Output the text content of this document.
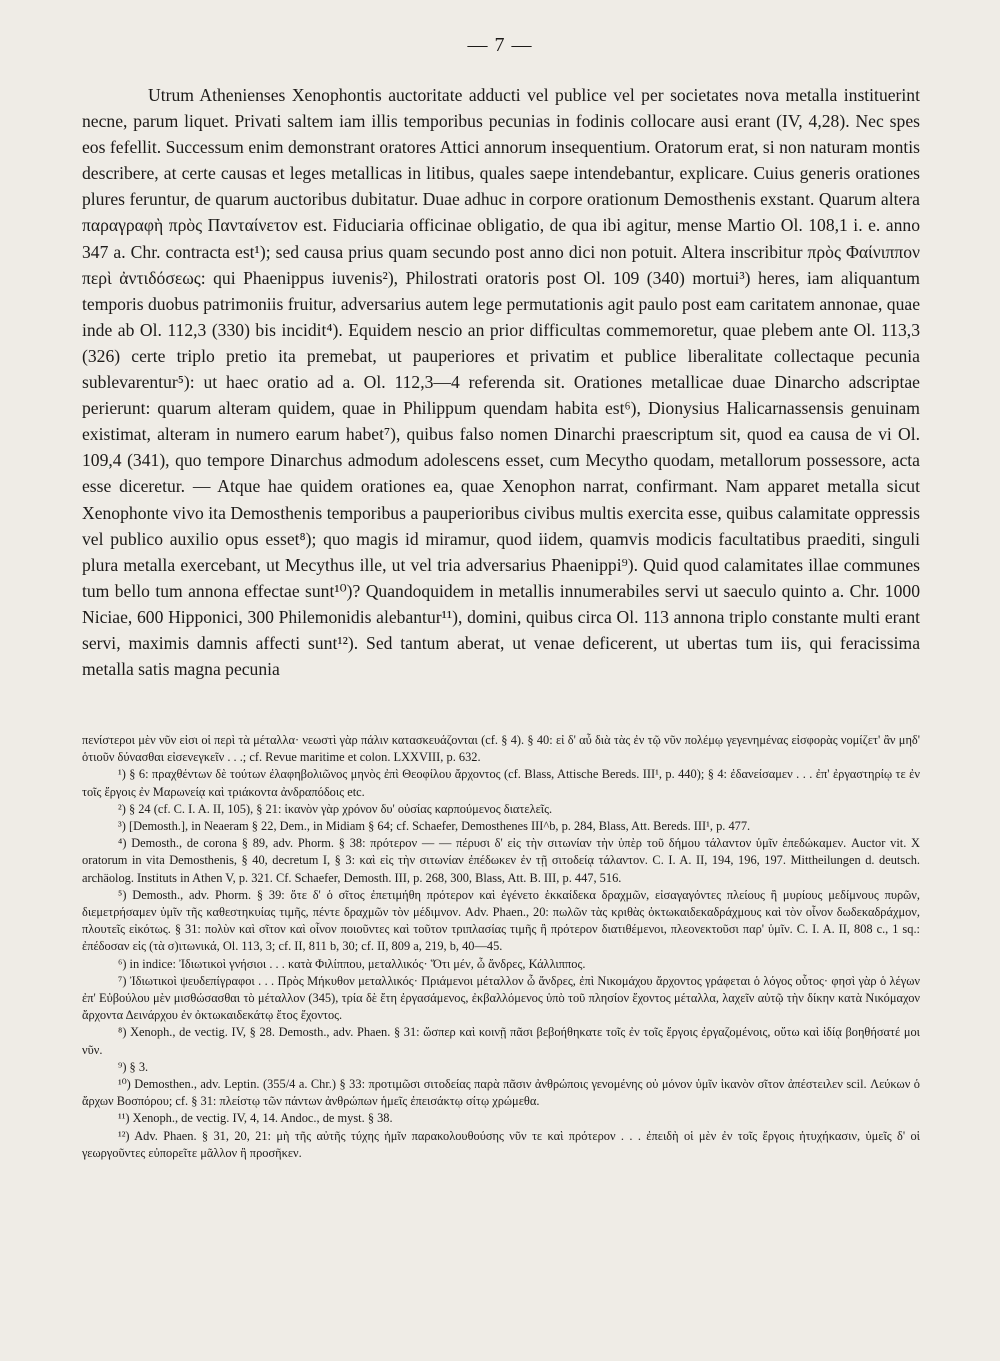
— 7 —

Utrum Athenienses Xenophontis auctoritate adducti vel publice vel per societates nova metalla instituerint necne, parum liquet. Privati saltem iam illis temporibus pecunias in fodinis collocare ausi erant (IV, 4,28). Nec spes eos fefellit. Successum enim demonstrant oratores Attici annorum insequentium. Oratorum erat, si non naturam montis describere, at certe causas et leges metallicas in litibus, quales saepe intendebantur, explicare. Cuius generis orationes plures feruntur, de quarum auctoribus dubitatur. Duae adhuc in corpore orationum Demosthenis exstant. Quarum altera παραγραφὴ πρὸς Πανταίνετον est. Fiduciaria officinae obligatio, de qua ibi agitur, mense Martio Ol. 108,1 i. e. anno 347 a. Chr. contracta est¹); sed causa prius quam secundo post anno dici non potuit. Altera inscribitur πρὸς Φαίνιππον περὶ ἀντιδόσεως: qui Phaenippus iuvenis²), Philostrati oratoris post Ol. 109 (340) mortui³) heres, iam aliquantum temporis duobus patrimoniis fruitur, adversarius autem lege permutationis agit paulo post eam caritatem annonae, quae inde ab Ol. 112,3 (330) bis incidit⁴). Equidem nescio an prior difficultas commemoretur, quae plebem ante Ol. 113,3 (326) certe triplo pretio ita premebat, ut pauperiores et privatim et publice liberalitate collectaque pecunia sublevarentur⁵): ut haec oratio ad a. Ol. 112,3—4 referenda sit. Orationes metallicae duae Dinarcho adscriptae perierunt: quarum alteram quidem, quae in Philippum quendam habita est⁶), Dionysius Halicarnassensis genuinam existimat, alteram in numero earum habet⁷), quibus falso nomen Dinarchi praescriptum sit, quod ea causa de vi Ol. 109,4 (341), quo tempore Dinarchus admodum adolescens esset, cum Mecytho quodam, metallorum possessore, acta esse diceretur. — Atque hae quidem orationes ea, quae Xenophon narrat, confirmant. Nam apparet metalla sicut Xenophonte vivo ita Demosthenis temporibus a pauperioribus civibus multis exercita esse, quibus calamitate oppressis vel publico auxilio opus esset⁸); quo magis id miramur, quod iidem, quamvis modicis facultatibus praediti, singuli plura metalla exercebant, ut Mecythus ille, ut vel tria adversarius Phaenippi⁹). Quid quod calamitates illae communes tum bello tum annona effectae sunt¹⁰)? Quandoquidem in metallis innumerabiles servi ut saeculo quinto a. Chr. 1000 Niciae, 600 Hipponici, 300 Philemonidis alebantur¹¹), domini, quibus circa Ol. 113 annona triplo constante multi erant servi, maximis damnis affecti sunt¹²). Sed tantum aberat, ut venae deficerent, ut ubertas tum iis, qui feracissima metalla satis magna pecunia

πενίστεροι μὲν νῦν εἰσι οἱ περὶ τὰ μέταλλα· νεωστὶ γὰρ πάλιν κατασκευάζονται (cf. § 4). § 40: εἰ δ' αὖ διὰ τὰς ἐν τῷ νῦν πολέμῳ γεγενημένας εἰσφορὰς νομίζετ' ἂν μηδ' ὁτιοῦν δύνασθαι εἰσενεγκεῖν . . .; cf. Revue maritime et colon. LXXVIII, p. 632.

¹) § 6: πραχθέντων δὲ τούτων ἐλαφηβολιῶνος μηνὸς ἐπὶ Θεοφίλου ἄρχοντος (cf. Blass, Attische Bereds. III¹, p. 440); § 4: ἐδανείσαμεν . . . ἐπ' ἐργαστηρίῳ τε ἐν τοῖς ἔργοις ἐν Μαρωνείᾳ καὶ τριάκοντα ἀνδραπόδοις etc.

²) § 24 (cf. C. I. A. II, 105), § 21: ἱκανὸν γὰρ χρόνον δυ' οὐσίας καρπούμενος διατελεῖς.

³) [Demosth.], in Neaeram § 22, Dem., in Midiam § 64; cf. Schaefer, Demosthenes III^b, p. 284, Blass, Att. Bereds. III¹, p. 477.

⁴) Demosth., de corona § 89, adv. Phorm. § 38: πρότερον — — πέρυσι δ' εἰς τὴν σιτωνίαν τὴν ὑπὲρ τοῦ δήμου τάλαντον ὑμῖν ἐπεδώκαμεν. Auctor vit. X oratorum in vita Demosthenis, § 40, decretum I, § 3: καὶ εἰς τὴν σιτωνίαν ἐπέδωκεν ἐν τῇ σιτοδείᾳ τάλαντον. C. I. A. II, 194, 196, 197. Mittheilungen d. deutsch. archäolog. Instituts in Athen V, p. 321. Cf. Schaefer, Demosth. III, p. 268, 300, Blass, Att. B. III, p. 447, 516.

⁵) Demosth., adv. Phorm. § 39: ὅτε δ' ὁ σῖτος ἐπετιμήθη πρότερον καὶ ἐγένετο ἑκκαίδεκα δραχμῶν, εἰσαγαγόντες πλείους ἢ μυρίους μεδίμνους πυρῶν, διεμετρήσαμεν ὑμῖν τῆς καθεστηκυίας τιμῆς, πέντε δραχμῶν τὸν μέδιμνον. Adv. Phaen., 20: πωλῶν τὰς κριθὰς ὀκτωκαιδεκαδράχμους καὶ τὸν οἶνον δωδεκαδράχμον, πλουτεῖς εἰκότως. § 31: πολὺν καὶ σῖτον καὶ οἶνον ποιοῦντες καὶ τοῦτον τριπλασίας τιμῆς ἢ πρότερον διατιθέμενοι, πλεονεκτοῦσι παρ' ὑμῖν. C. I. A. II, 808 c., 1 sq.: ἐπέδοσαν εἰς (τὰ σ)ιτωνικά, Ol. 113, 3; cf. II, 811 b, 30; cf. II, 809 a, 219, b, 40—45.

⁶) in indice: Ἰδιωτικοὶ γνήσιοι . . . κατὰ Φιλίππου, μεταλλικός· Ὅτι μέν, ὦ ἄνδρες, Κάλλιππος.

⁷) Ἰδιωτικοὶ ψευδεπίγραφοι . . . Πρὸς Μήκυθον μεταλλικός· Πριάμενοι μέταλλον ὦ ἄνδρες, ἐπὶ Νικομάχου ἄρχοντος γράφεται ὁ λόγος οὗτος· φησὶ γὰρ ὁ λέγων ἐπ' Εὐβούλου μὲν μισθώσασθαι τὸ μέταλλον (345), τρία δὲ ἔτη ἐργασάμενος, ἐκβαλλόμενος ὑπὸ τοῦ πλησίον ἔχοντος μέταλλα, λαχεῖν αὐτῷ τὴν δίκην κατὰ Νικόμαχον ἄρχοντα Δεινάρχου ἐν ὀκτωκαιδεκάτῳ ἔτος ἔχοντος.

⁸) Xenoph., de vectig. IV, § 28. Demosth., adv. Phaen. § 31: ὥσπερ καὶ κοινῇ πᾶσι βεβοήθηκατε τοῖς ἐν τοῖς ἔργοις ἐργαζομένοις, οὕτω καὶ ἰδίᾳ βοηθήσατέ μοι νῦν.

⁹) § 3.

¹⁰) Demosthen., adv. Leptin. (355/4 a. Chr.) § 33: προτιμῶσι σιτοδείας παρὰ πᾶσιν ἀνθρώποις γενομένης οὐ μόνον ὑμῖν ἱκανὸν σῖτον ἀπέστειλεν scil. Λεύκων ὁ ἄρχων Βοσπόρου; cf. § 31: πλείστῳ τῶν πάντων ἀνθρώπων ἡμεῖς ἐπεισάκτῳ σίτῳ χρώμεθα.

¹¹) Xenoph., de vectig. IV, 4, 14. Andoc., de myst. § 38.

¹²) Adv. Phaen. § 31, 20, 21: μὴ τῆς αὐτῆς τύχης ἡμῖν παρακολουθούσης νῦν τε καὶ πρότερον . . . ἐπειδὴ οἱ μὲν ἐν τοῖς ἔργοις ἠτυχήκασιν, ὑμεῖς δ' οἱ γεωργοῦντες εὐπορεῖτε μᾶλλον ἢ προσῆκεν.
